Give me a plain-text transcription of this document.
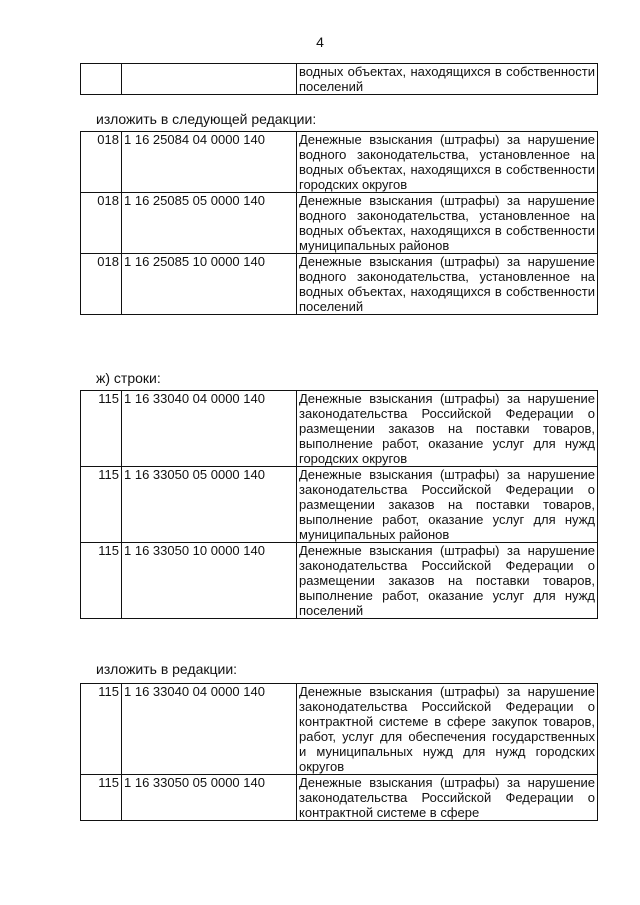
4
		водных объектах, находящихся в собственности поселений
изложить в следующей редакции:
018	1 16 25084 04 0000 140	Денежные взыскания (штрафы) за нарушение водного законодательства, установленное на водных объектах, находящихся в собственности городских округов
018	1 16 25085 05 0000 140	Денежные взыскания (штрафы) за нарушение водного законодательства, установленное на водных объектах, находящихся в собственности муниципальных районов
018	1 16 25085 10 0000 140	Денежные взыскания (штрафы) за нарушение водного законодательства, установленное на водных объектах, находящихся в собственности поселений
ж) строки:
115	1 16 33040 04 0000 140	Денежные взыскания (штрафы) за нарушение законодательства Российской Федерации о размещении заказов на поставки товаров, выполнение работ, оказание услуг для нужд городских округов
115	1 16 33050 05 0000 140	Денежные взыскания (штрафы) за нарушение законодательства Российской Федерации о размещении заказов на поставки товаров, выполнение работ, оказание услуг для нужд муниципальных районов
115	1 16 33050 10 0000 140	Денежные взыскания (штрафы) за нарушение законодательства Российской Федерации о размещении заказов на поставки товаров, выполнение работ, оказание услуг для нужд поселений
изложить в редакции:
115	1 16 33040 04 0000 140	Денежные взыскания (штрафы) за нарушение законодательства Российской Федерации о контрактной системе в сфере закупок товаров, работ, услуг для обеспечения государственных и муниципальных нужд для нужд городских округов
115	1 16 33050 05 0000 140	Денежные взыскания (штрафы) за нарушение законодательства Российской Федерации о контрактной системе в сфере
